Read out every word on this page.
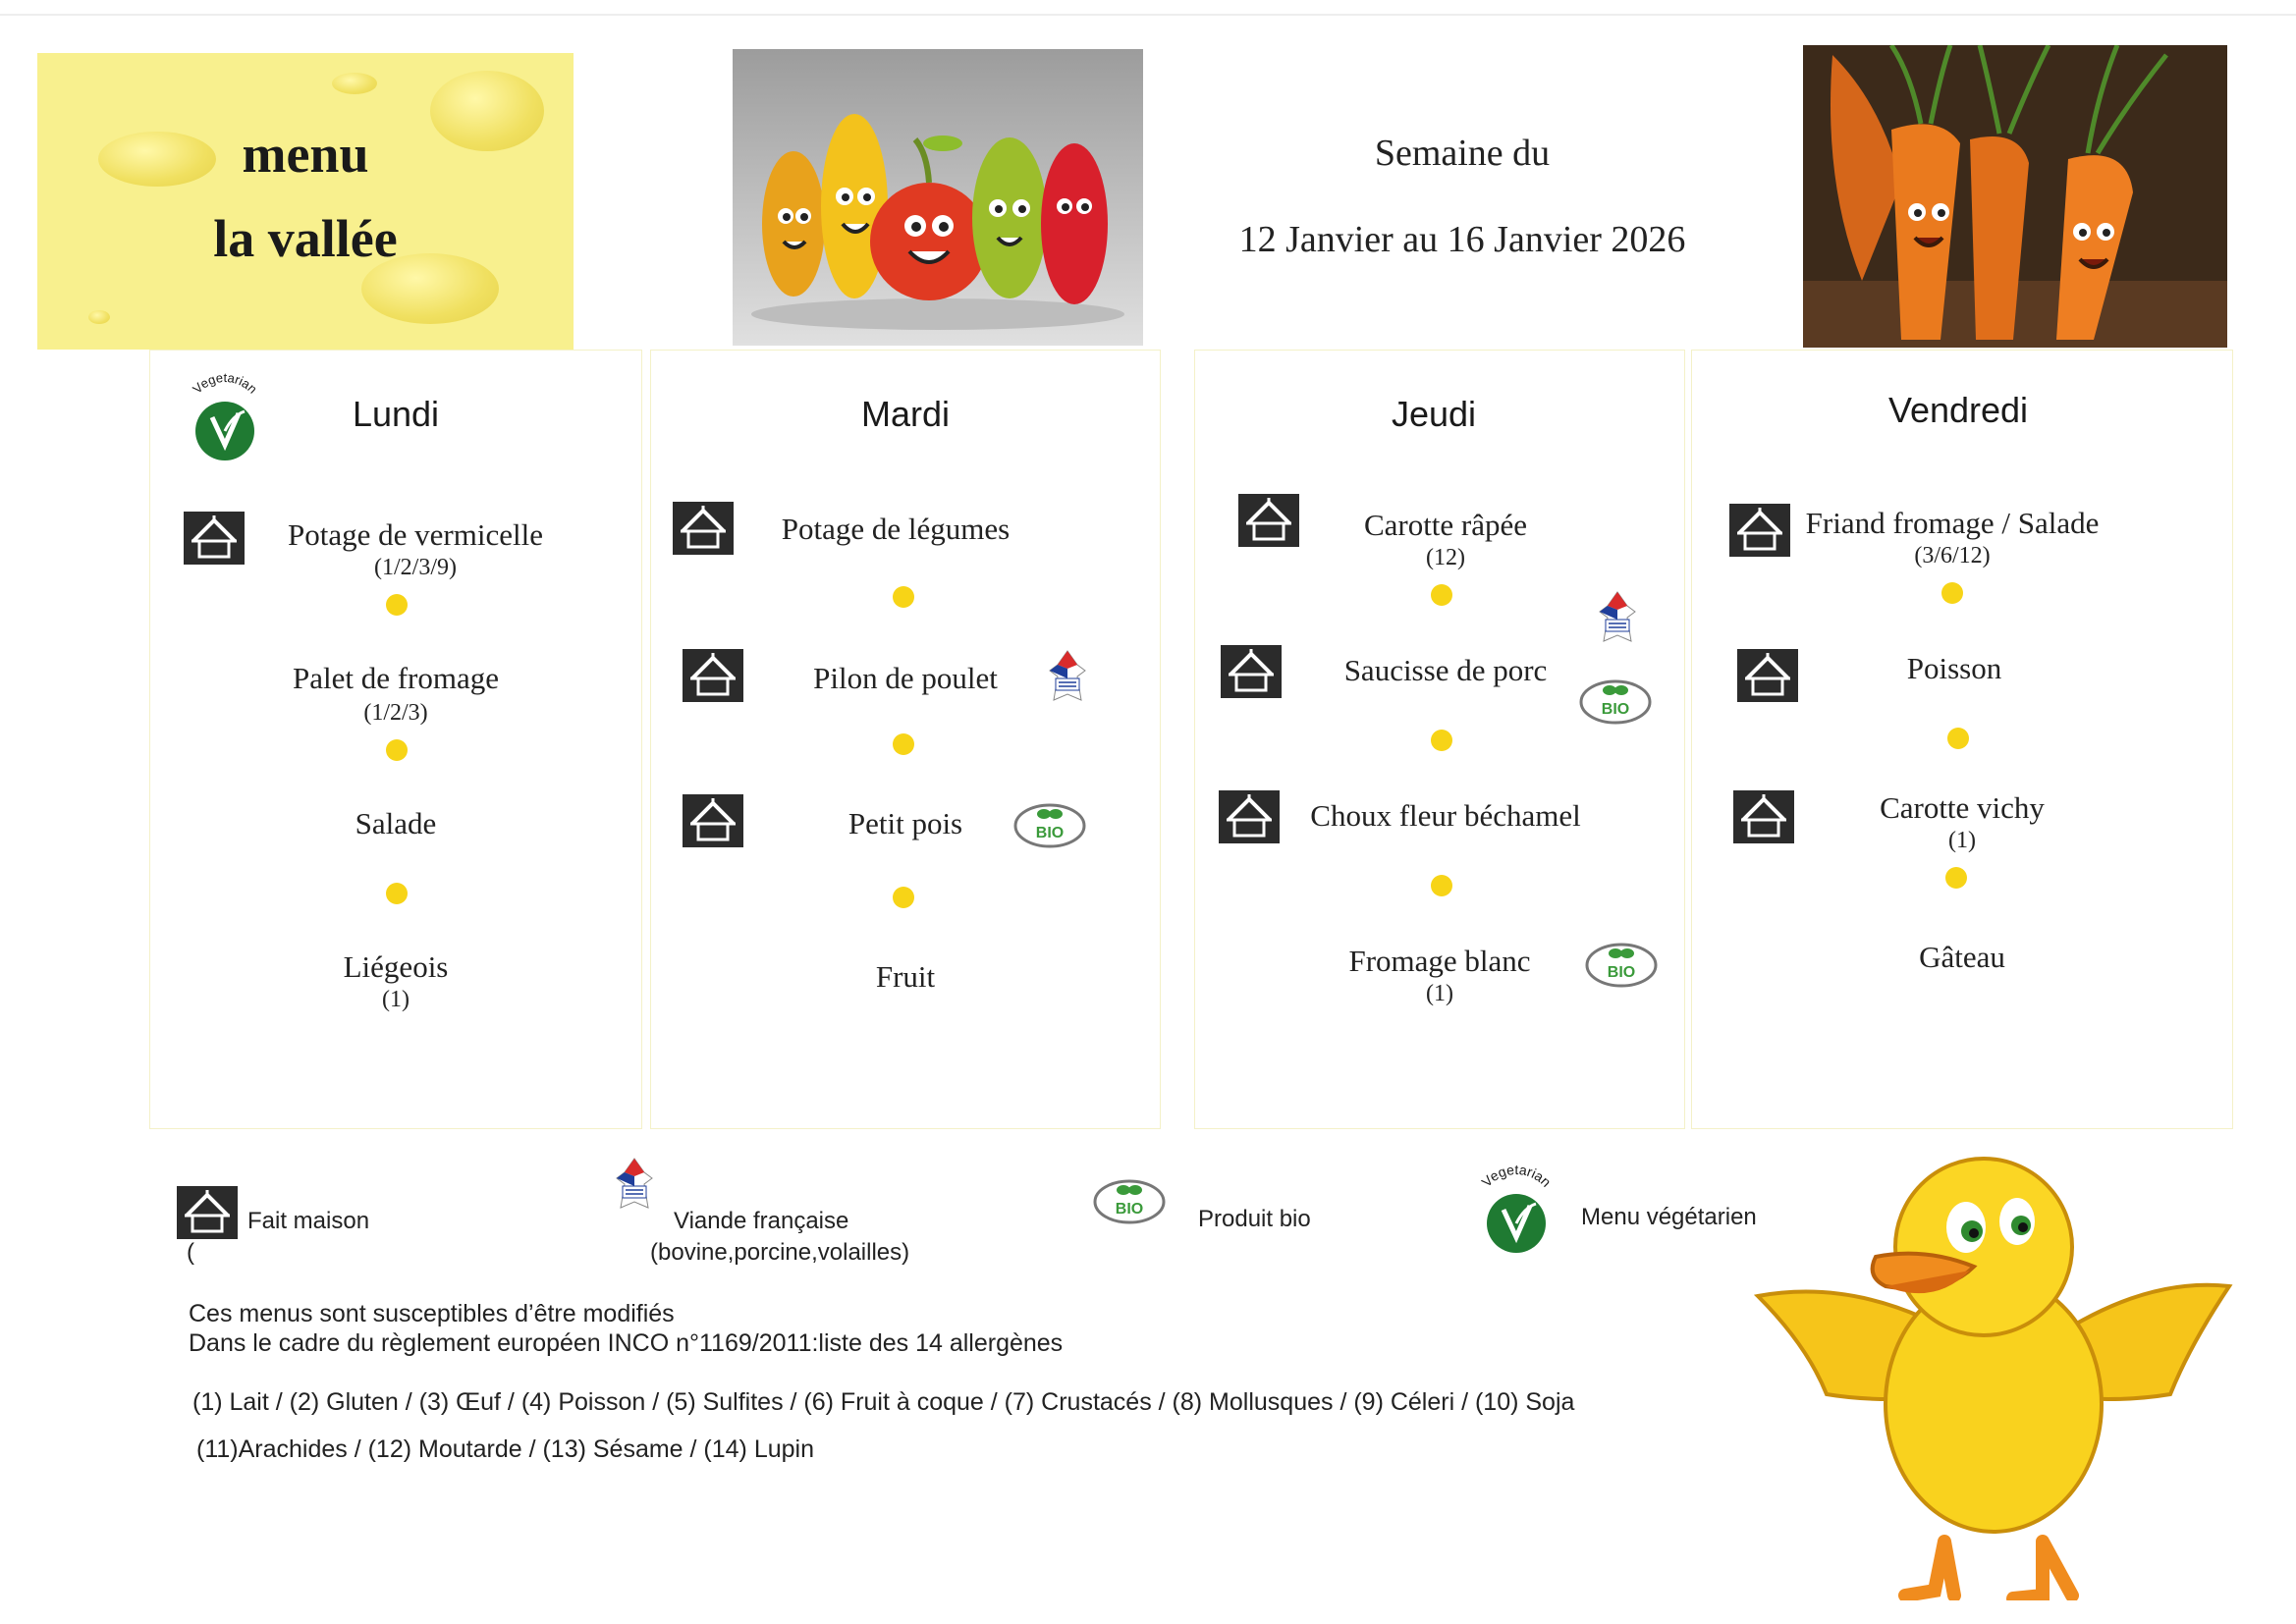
menu
la vallée
Semaine du
12 Janvier au 16 Janvier 2026
Lundi
Vegetarian
Potage de vermicelle
(1/2/3/9)
Palet de fromage
(1/2/3)
Salade
Liégeois
(1)
Mardi
Potage de légumes
Pilon de poulet
Petit pois	BIO
Fruit
Jeudi
Carotte râpée
(12)
Saucisse de porc
BIO
Choux fleur béchamel
Fromage blanc
(1)
BIO
Vendredi
Friand fromage / Salade
(3/6/12)
Poisson
Carotte vichy
(1)
Gâteau
Fait maison
(
Viande française
(bovine,porcine,volailles)
BIO Produit bio
Vegetarian
Menu végétarien
Ces menus sont susceptibles d’être modifiés
Dans le cadre du règlement européen INCO n°1169/2011:liste des 14 allergènes
(1) Lait / (2) Gluten / (3) Œuf / (4) Poisson / (5) Sulfites / (6) Fruit à coque / (7) Crustacés / (8) Mollusques / (9) Céleri / (10) Soja
(11)Arachides / (12) Moutarde / (13) Sésame / (14) Lupin
